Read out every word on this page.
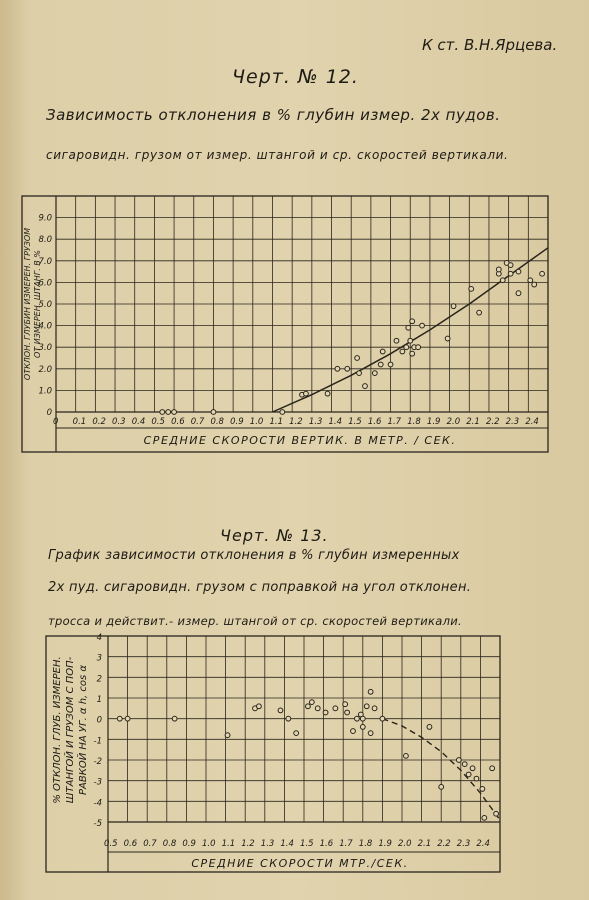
К ст. В.Н.Ярцева.
Черт. № 12.
Зависимость отклонения в % глубин измер. 2х пудов.
сигаровидн. грузом от измер. штангой и ср. скоростей вертикали.
0 0.1 0.2 0.3 0.4 0.5 0.6 0.7 0.8 0.9 1.0 1.1 1.2 1.3 1.4 1.5 1.6 1.7 1.8 1.9 2.0 2.1 2.2 2.3 2.4
0
1.0
2.0
3.0
4.0
5.0
6.0
7.0
8.0
9.0
СРЕДНИЕ СКОРОСТИ ВЕРТИК. В МЕТР. / СЕК.
ОТКЛОН. ГЛУБИН ИЗМЕРЕН. ГРУЗОМ ОТ ИЗМЕРЕН. ШТАНГ. В %
Черт. № 13.
График зависимости отклонения в % глубин измеренных
2х пуд. сигаровидн. грузом с поправкой на угол отклонен.
тросса и действит.- измер. штангой от ср. скоростей вертикали.
0.5 0.6 0.7 0.8 0.9 1.0 1.1 1.2 1.3 1.4 1.5 1.6 1.7 1.8 1.9 2.0 2.1 2.2 2.3 2.4
4
3
2
1
0
-1
-2
-3
-4
-5
СРЕДНИЕ СКОРОСТИ МТР./СЕК.
% ОТКЛОН. ГЛУБ. ИЗМЕРЕН. ШТАНГОЙ И ГРУЗОМ С ПОП- РАВКОЙ НА УГ. α h, cos α
